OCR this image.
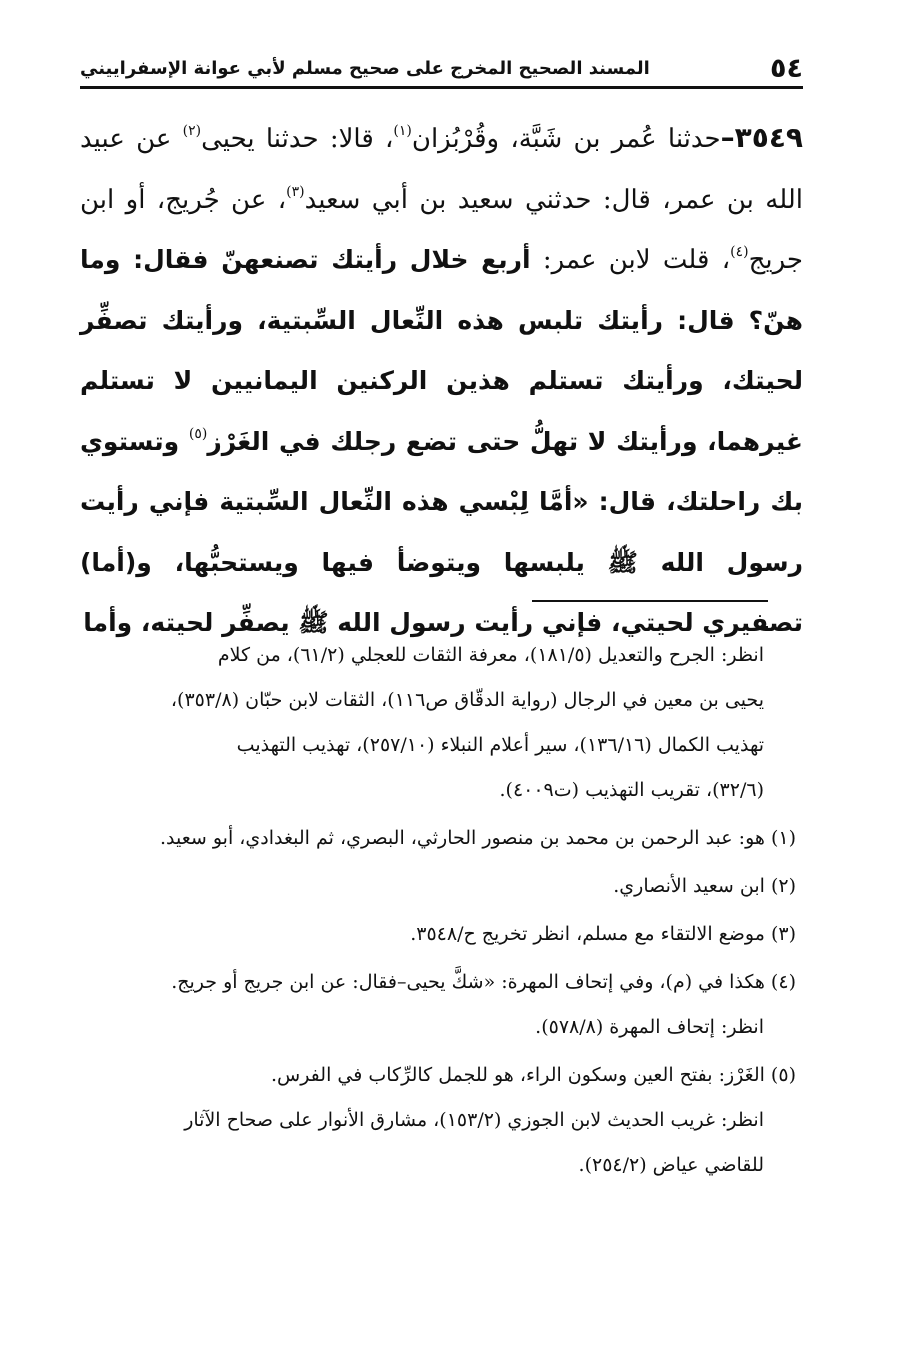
٥٤
المسند الصحيح المخرج على صحيح مسلم لأبي عوانة الإسفراييني
٣٥٤٩–حدثنا عُمر بن شَبَّة، وقُرْبُزان$^{(١)}$، قالا: حدثنا يحيى$^{(٢)}$ عن عبيد الله بن عمر، قال: حدثني سعيد بن أبي سعيد$^{(٣)}$، عن جُريج، أو ابن جريج$^{(٤)}$، قلت لابن عمر: أربع خلال رأيتك تصنعهنّ فقال: وما هنّ؟ قال: رأيتك تلبس هذه النِّعال السِّبتية، ورأيتك تصفِّر لحيتك، ورأيتك تستلم هذين الركنين اليمانيين لا تستلم غيرهما، ورأيتك لا تهلُّ حتى تضع رجلك في الغَرْز$^{(٥)}$ وتستوي بك راحلتك، قال: «أمَّا لِبْسي هذه النِّعال السِّبتية فإني رأيت رسول الله ﷺ يلبسها ويتوضأ فيها ويستحبُّها، و(أما) تصفيري لحيتي، فإني رأيت رسول الله ﷺ يصفِّر لحيته، وأما
انظر: الجرح والتعديل (١٨١/٥)، معرفة الثقات للعجلي (٦١/٢)، من كلام
يحيى بن معين في الرجال (رواية الدقّاق ص١١٦)، الثقات لابن حبّان (٣٥٣/٨)،
تهذيب الكمال (١٣٦/١٦)، سير أعلام النبلاء (٢٥٧/١٠)، تهذيب التهذيب
(٣٢/٦)، تقريب التهذيب (ت٤٠٠٩).
(١) هو: عبد الرحمن بن محمد بن منصور الحارثي، البصري، ثم البغدادي، أبو سعيد.
(٢) ابن سعيد الأنصاري.
(٣) موضع الالتقاء مع مسلم، انظر تخريج ح/٣٥٤٨.
(٤) هكذا في (م)، وفي إتحاف المهرة: «شكَّ يحيى–فقال: عن ابن جريج أو جريج.
انظر: إتحاف المهرة (٥٧٨/٨).
(٥) الغَرْز: بفتح العين وسكون الراء، هو للجمل كالرِّكاب في الفرس.
انظر: غريب الحديث لابن الجوزي (١٥٣/٢)، مشارق الأنوار على صحاح الآثار
للقاضي عياض (٢٥٤/٢).
